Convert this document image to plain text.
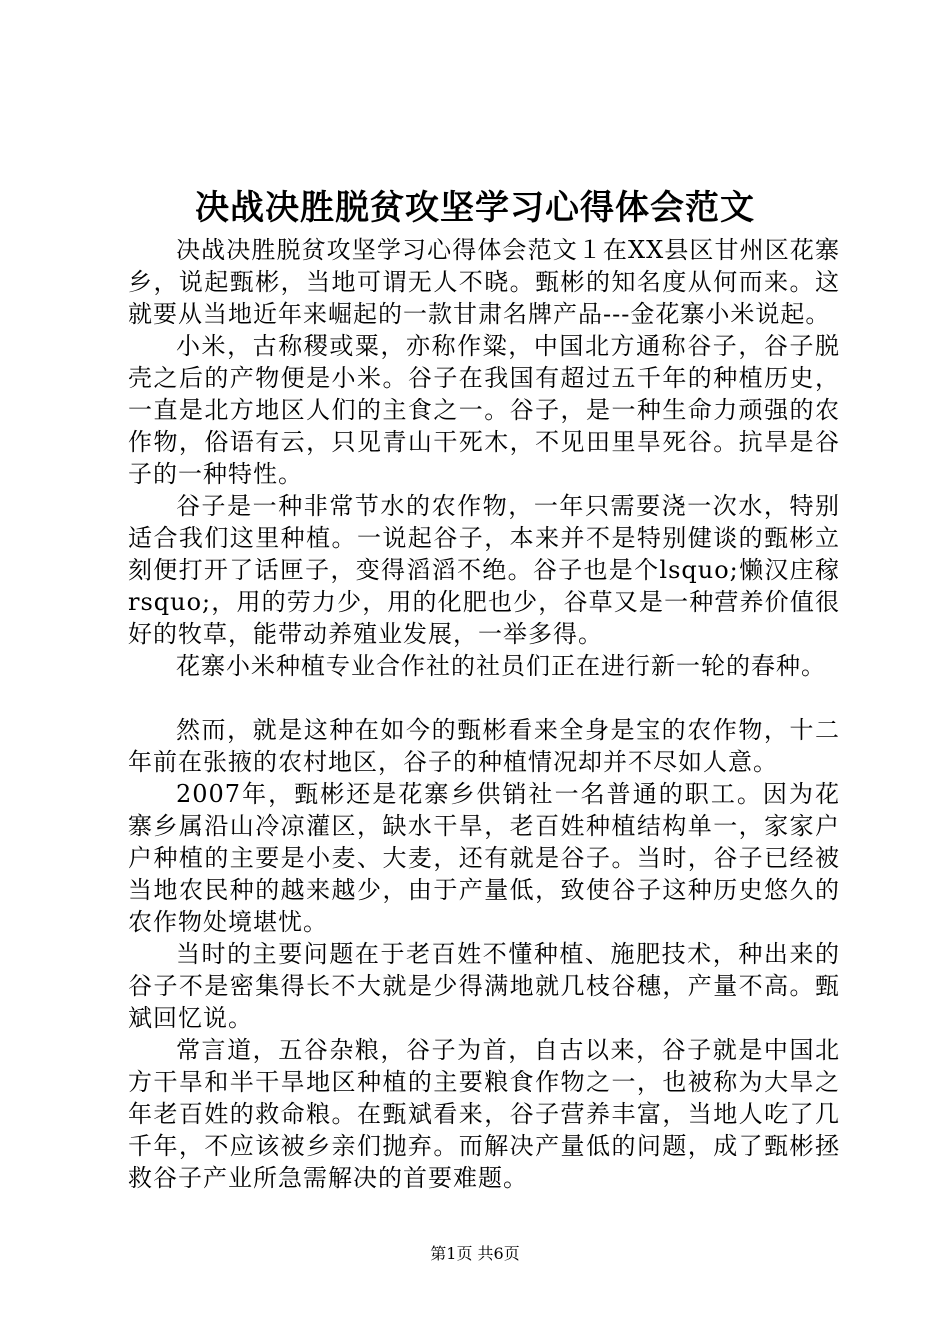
决战决胜脱贫攻坚学习心得体会范文

决战决胜脱贫攻坚学习心得体会范文１在XX县区甘州区花寨乡，说起甄彬，当地可谓无人不晓。甄彬的知名度从何而来。这就要从当地近年来崛起的一款甘肃名牌产品---金花寨小米说起。

小米，古称稷或粟，亦称作粱，中国北方通称谷子，谷子脱壳之后的产物便是小米。谷子在我国有超过五千年的种植历史，一直是北方地区人们的主食之一。谷子，是一种生命力顽强的农作物，俗语有云，只见青山干死木，不见田里旱死谷。抗旱是谷子的一种特性。

谷子是一种非常节水的农作物，一年只需要浇一次水，特别适合我们这里种植。一说起谷子，本来并不是特别健谈的甄彬立刻便打开了话匣子，变得滔滔不绝。谷子也是个lsquo;懒汉庄稼rsquo;，用的劳力少，用的化肥也少，谷草又是一种营养价值很好的牧草，能带动养殖业发展，一举多得。

花寨小米种植专业合作社的社员们正在进行新一轮的春种。

然而，就是这种在如今的甄彬看来全身是宝的农作物，十二年前在张掖的农村地区，谷子的种植情况却并不尽如人意。

2007年，甄彬还是花寨乡供销社一名普通的职工。因为花寨乡属沿山冷凉灌区，缺水干旱，老百姓种植结构单一，家家户户种植的主要是小麦、大麦，还有就是谷子。当时，谷子已经被当地农民种的越来越少，由于产量低，致使谷子这种历史悠久的农作物处境堪忧。

当时的主要问题在于老百姓不懂种植、施肥技术，种出来的谷子不是密集得长不大就是少得满地就几枝谷穗，产量不高。甄斌回忆说。

常言道，五谷杂粮，谷子为首，自古以来，谷子就是中国北方干旱和半干旱地区种植的主要粮食作物之一，也被称为大旱之年老百姓的救命粮。在甄斌看来，谷子营养丰富，当地人吃了几千年，不应该被乡亲们抛弃。而解决产量低的问题，成了甄彬拯救谷子产业所急需解决的首要难题。

第1页 共6页
